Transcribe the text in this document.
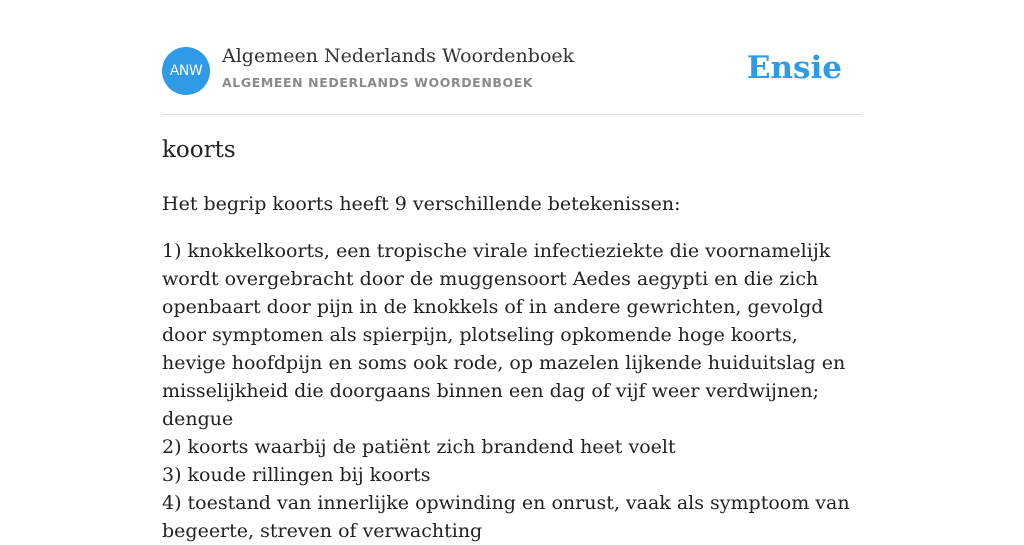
ANW
Algemeen Nederlands Woordenboek
ALGEMEEN NEDERLANDS WOORDENBOEK	Ensie
koorts

Het begrip koorts heeft 9 verschillende betekenissen:

1) knokkelkoorts, een tropische virale infectieziekte die voornamelijk wordt overgebracht door de muggensoort Aedes aegypti en die zich openbaart door pijn in de knokkels of in andere gewrichten, gevolgd door symptomen als spierpijn, plotseling opkomende hoge koorts, hevige hoofdpijn en soms ook rode, op mazelen lijkende huiduitslag en misselijkheid die doorgaans binnen een dag of vijf weer verdwijnen; dengue
2) koorts waarbij de patiënt zich brandend heet voelt
3) koude rillingen bij koorts
4) toestand van innerlijke opwinding en onrust, vaak als symptoom van begeerte, streven of verwachting
